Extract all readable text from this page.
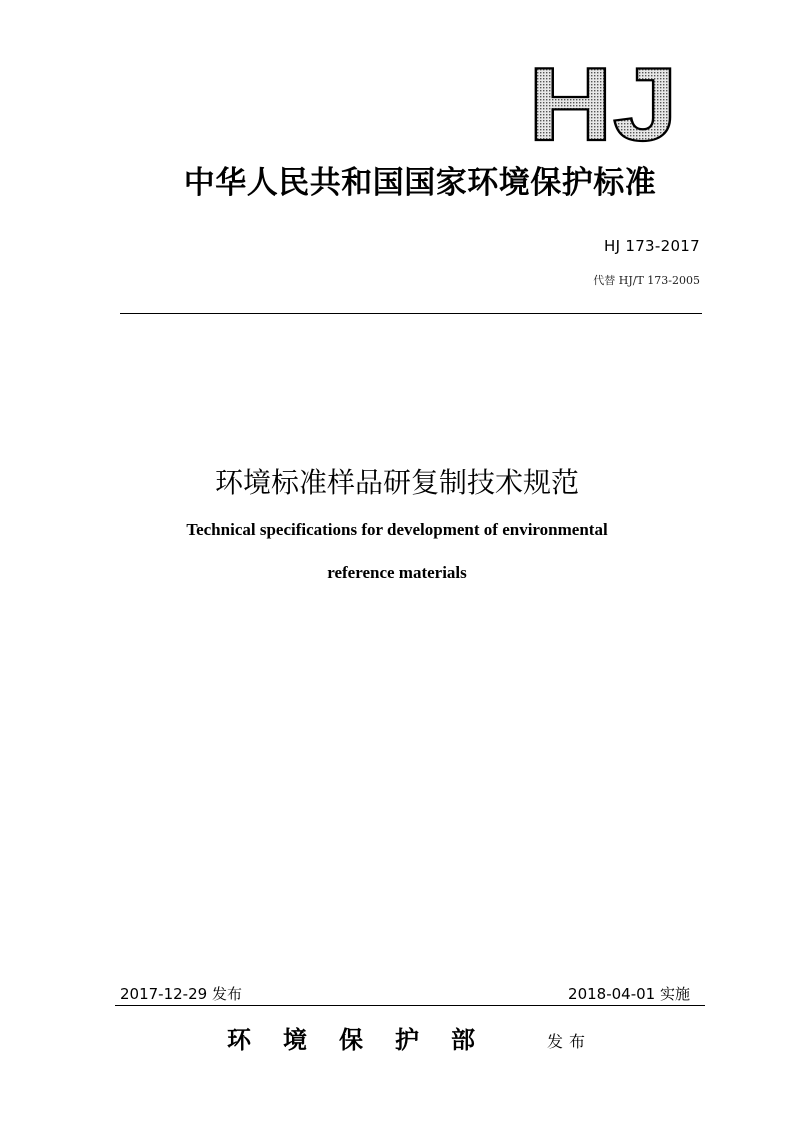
HJ
中华人民共和国国家环境保护标准
HJ 173-2017
代替 HJ/T 173-2005
环境标准样品研复制技术规范
Technical specifications for development of environmental
reference materials
2017-12-29 发布	2018-04-01 实施
环境保护部	发布
